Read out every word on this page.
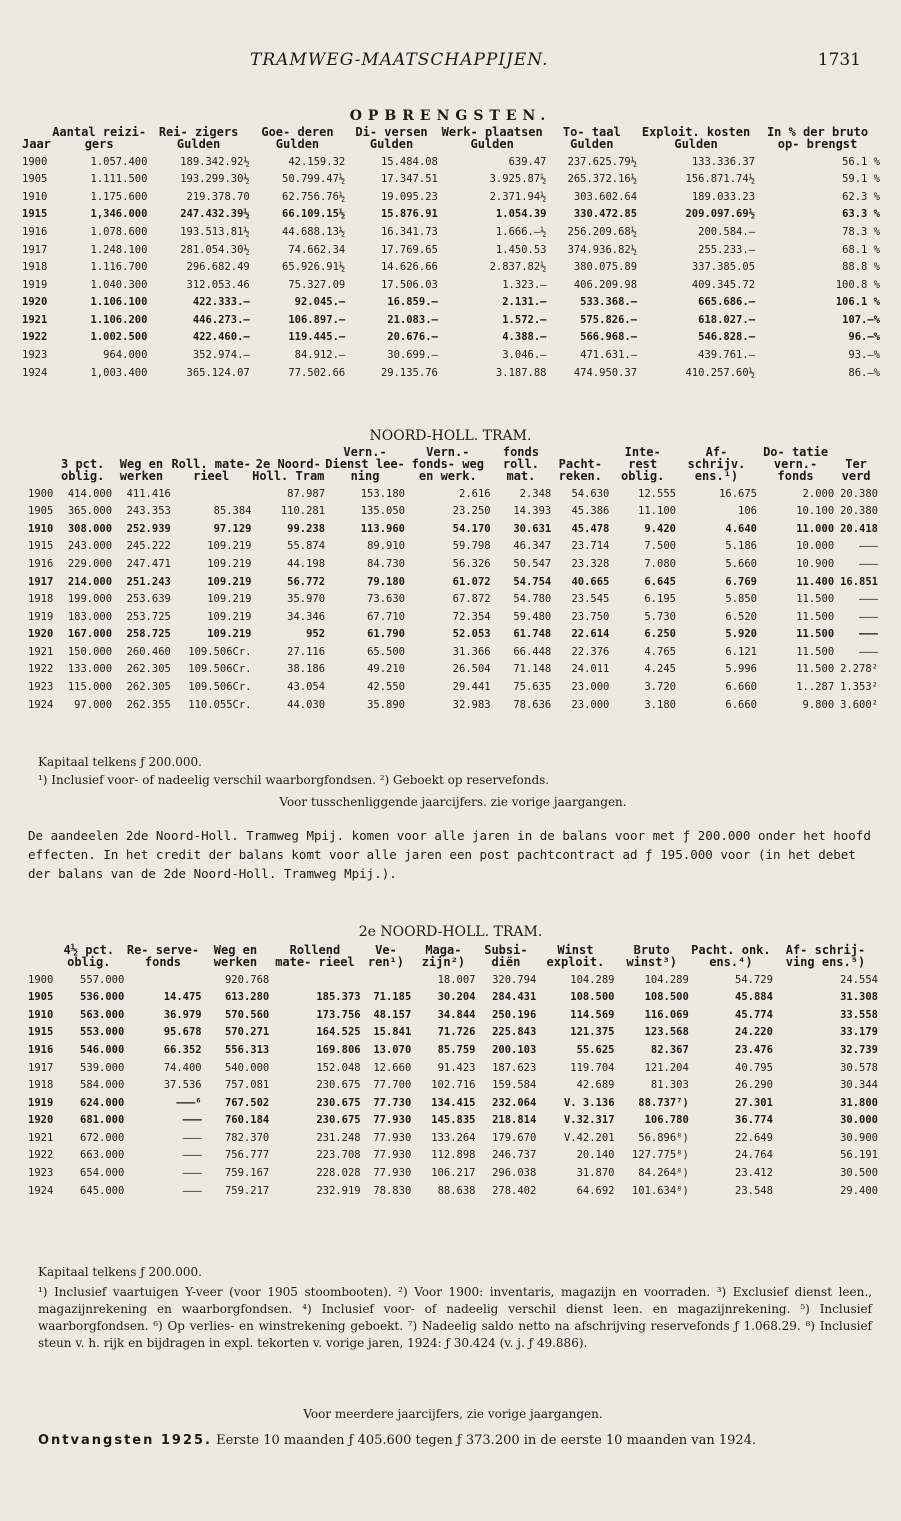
TRAMWEG-MAATSCHAPPIJEN.	1731
OPBRENGSTEN.
Jaar	Aantal reizi- gers	Rei- zigers Gulden	Goe- deren Gulden	Di- versen Gulden	Werk- plaatsen Gulden	To- taal Gulden	Exploit. kosten Gulden	In % der bruto op- brengst
1900	1.057.400	189.342.92½	42.159.32	15.484.08	639.47	237.625.79½	133.336.37	56.1 %
1905	1.111.500	193.299.30½	50.799.47½	17.347.51	3.925.87½	265.372.16½	156.871.74½	59.1 %
1910	1.175.600	219.378.70	62.756.76½	19.095.23	2.371.94½	303.602.64	189.033.23	62.3 %
1915	1,346.000	247.432.39½	66.109.15½	15.876.91	1.054.39	330.472.85	209.097.69½	63.3 %
1916	1.078.600	193.513.81½	44.688.13½	16.341.73	1.666.—½	256.209.68½	200.584.—	78.3 %
1917	1.248.100	281.054.30½	74.662.34	17.769.65	1.450.53	374.936.82½	255.233.—	68.1 %
1918	1.116.700	296.682.49	65.926.91½	14.626.66	2.837.82½	380.075.89	337.385.05	88.8 %
1919	1.040.300	312.053.46	75.327.09	17.506.03	1.323.—	406.209.98	409.345.72	100.8 %
1920	1.106.100	422.333.—	92.045.—	16.859.—	2.131.—	533.368.—	665.686.—	106.1 %
1921	1.106.200	446.273.—	106.897.—	21.083.—	1.572.—	575.826.—	618.027.—	107.—%
1922	1.002.500	422.460.—	119.445.—	20.676.—	4.388.—	566.968.—	546.828.—	96.—%
1923	964.000	352.974.—	84.912.—	30.699.—	3.046.—	471.631.—	439.761.—	93.—%
1924	1,003.400	365.124.07	77.502.66	29.135.76	3.187.88	474.950.37	410.257.60½	86.—%
NOORD-HOLL. TRAM.
	3 pct. oblig.	Weg en werken	Roll. mate- rieel	2e Noord- Holl. Tram	Vern.- Dienst lee- ning	Vern.- fonds- weg en werk.	fonds roll. mat.	Pacht- reken.	Inte- rest oblig.	Af- schrijv. ens.¹)	Do- tatie vern.- fonds	Ter verd
1900	414.000	411.416		87.987	153.180	2.616	2.348	54.630	12.555	16.675	2.000	20.380
1905	365.000	243.353	85.384	110.281	135.050	23.250	14.393	45.386	11.100	106	10.100	20.380
1910	308.000	252.939	97.129	99.238	113.960	54.170	30.631	45.478	9.420	4.640	11.000	20.418
1915	243.000	245.222	109.219	55.874	89.910	59.798	46.347	23.714	7.500	5.186	10.000	———
1916	229.000	247.471	109.219	44.198	84.730	56.326	50.547	23.328	7.080	5.660	10.900	———
1917	214.000	251.243	109.219	56.772	79.180	61.072	54.754	40.665	6.645	6.769	11.400	16.851
1918	199.000	253.639	109.219	35.970	73.630	67.872	54.780	23.545	6.195	5.850	11.500	———
1919	183.000	253.725	109.219	34.346	67.710	72.354	59.480	23.750	5.730	6.520	11.500	———
1920	167.000	258.725	109.219	952	61.790	52.053	61.748	22.614	6.250	5.920	11.500	———
1921	150.000	260.460	109.506Cr.	27.116	65.500	31.366	66.448	22.376	4.765	6.121	11.500	———
1922	133.000	262.305	109.506Cr.	38.186	49.210	26.504	71.148	24.011	4.245	5.996	11.500	2.278²
1923	115.000	262.305	109.506Cr.	43.054	42.550	29.441	75.635	23.000	3.720	6.660	1..287	1.353²
1924	97.000	262.355	110.055Cr.	44.030	35.890	32.983	78.636	23.000	3.180	6.660	9.800	3.600²
Kapitaal telkens ƒ 200.000.
¹) Inclusief voor- of nadeelig verschil waarborgfondsen. ²) Geboekt op reservefonds.
Voor tusschenliggende jaarcijfers. zie vorige jaargangen.
De aandeelen 2de Noord-Holl. Tramweg Mpij. komen voor alle jaren in de balans voor met ƒ 200.000 onder het hoofd effecten. In het credit der balans komt voor alle jaren een post pachtcontract ad ƒ 195.000 voor (in het debet der balans van de 2de Noord-Holl. Tramweg Mpij.).
2e NOORD-HOLL. TRAM.
	4½ pct. oblig.	Re- serve- fonds	Weg en werken	Rollend mate- rieel	Ve- ren¹)	Maga- zijn²)	Subsi- diën	Winst exploit.	Bruto winst³)	Pacht. onk. ens.⁴)	Af- schrij- ving ens.⁵)
1900	557.000		920.768			18.007	320.794	104.289	104.289	54.729	24.554
1905	536.000	14.475	613.280	185.373	71.185	30.204	284.431	108.500	108.500	45.884	31.308
1910	563.000	36.979	570.560	173.756	48.157	34.844	250.196	114.569	116.069	45.774	33.558
1915	553.000	95.678	570.271	164.525	15.841	71.726	225.843	121.375	123.568	24.220	33.179
1916	546.000	66.352	556.313	169.806	13.070	85.759	200.103	55.625	82.367	23.476	32.739
1917	539.000	74.400	540.000	152.048	12.660	91.423	187.623	119.704	121.204	40.795	30.578
1918	584.000	37.536	757.081	230.675	77.700	102.716	159.584	42.689	81.303	26.290	30.344
1919	624.000	———⁶	767.502	230.675	77.730	134.415	232.064	V. 3.136	88.737⁷)	27.301	31.800
1920	681.000	———	760.184	230.675	77.930	145.835	218.814	V.32.317	106.780	36.774	30.000
1921	672.000	———	782.370	231.248	77.930	133.264	179.670	V.42.201	56.896⁸)	22.649	30.900
1922	663.000	———	756.777	223.708	77.930	112.898	246.737	20.140	127.775⁸)	24.764	56.191
1923	654.000	———	759.167	228.028	77.930	106.217	296.038	31.870	84.264⁸)	23.412	30.500
1924	645.000	———	759.217	232.919	78.830	88.638	278.402	64.692	101.634⁸)	23.548	29.400
Kapitaal telkens ƒ 200.000.
¹) Inclusief vaartuigen Y-veer (voor 1905 stoombooten). ²) Voor 1900: inventaris, magazijn en voorraden. ³) Exclusief dienst leen., magazijnrekening en waarborgfondsen. ⁴) Inclusief voor- of nadeelig verschil dienst leen. en magazijnrekening. ⁵) Inclusief waarborgfondsen. ⁶) Op verlies- en winstrekening geboekt. ⁷) Nadeelig saldo netto na afschrijving reservefonds ƒ 1.068.29. ⁸) Inclusief steun v. h. rijk en bijdragen in expl. tekorten v. vorige jaren, 1924: ƒ 30.424 (v. j. ƒ 49.886).
Voor meerdere jaarcijfers, zie vorige jaargangen.
Ontvangsten 1925. Eerste 10 maanden ƒ 405.600 tegen ƒ 373.200 in de eerste 10 maanden van 1924.
